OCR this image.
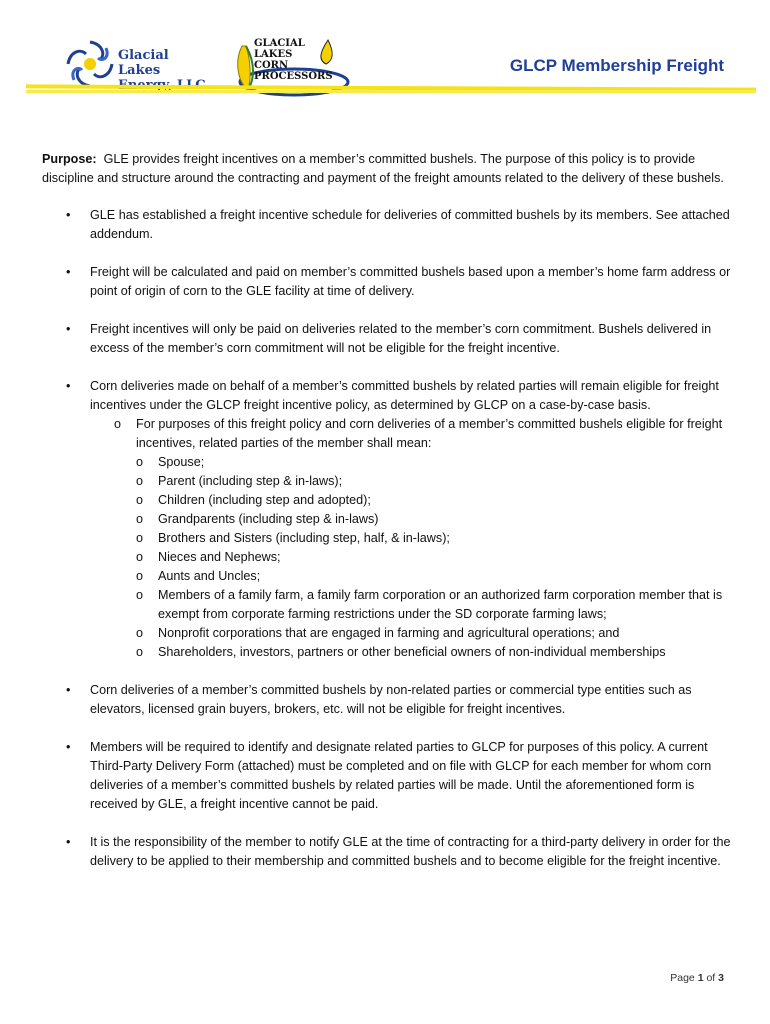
Glacial Lakes
GLACIAL
LAKES
CORN
PROCESSORS
GLCP Membership Freight

Purpose: GLE provides freight incentives on a member’s committed bushels. The purpose of this policy is to provide discipline and structure around the contracting and payment of the freight amounts related to the delivery of these bushels.

• GLE has established a freight incentive schedule for deliveries of committed bushels by its members. See attached addendum.
• Freight will be calculated and paid on member’s committed bushels based upon a member’s home farm address or point of origin of corn to the GLE facility at time of delivery.
• Freight incentives will only be paid on deliveries related to the member’s corn commitment. Bushels delivered in excess of the member’s corn commitment will not be eligible for the freight incentive.
• Corn deliveries made on behalf of a member’s committed bushels by related parties will remain eligible for freight incentives under the GLCP freight incentive policy, as determined by GLCP on a case-by-case basis.
o For purposes of this freight policy and corn deliveries of a member’s committed bushels eligible for freight incentives, related parties of the member shall mean:
o Spouse;
o Parent (including step & in-laws);
o Children (including step and adopted);
o Grandparents (including step & in-laws)
o Brothers and Sisters (including step, half, & in-laws);
o Nieces and Nephews;
o Aunts and Uncles;
o Members of a family farm, a family farm corporation or an authorized farm corporation member that is exempt from corporate farming restrictions under the SD corporate farming laws;
o Nonprofit corporations that are engaged in farming and agricultural operations; and
o Shareholders, investors, partners or other beneficial owners of non-individual memberships
• Corn deliveries of a member’s committed bushels by non-related parties or commercial type entities such as elevators, licensed grain buyers, brokers, etc. will not be eligible for freight incentives.
• Members will be required to identify and designate related parties to GLCP for purposes of this policy. A current Third-Party Delivery Form (attached) must be completed and on file with GLCP for each member for whom corn deliveries of a member’s committed bushels by related parties will be made. Until the aforementioned form is received by GLE, a freight incentive cannot be paid.
• It is the responsibility of the member to notify GLE at the time of contracting for a third-party delivery in order for the delivery to be applied to their membership and committed bushels and to become eligible for the freight incentive.
Page 1 of 3
